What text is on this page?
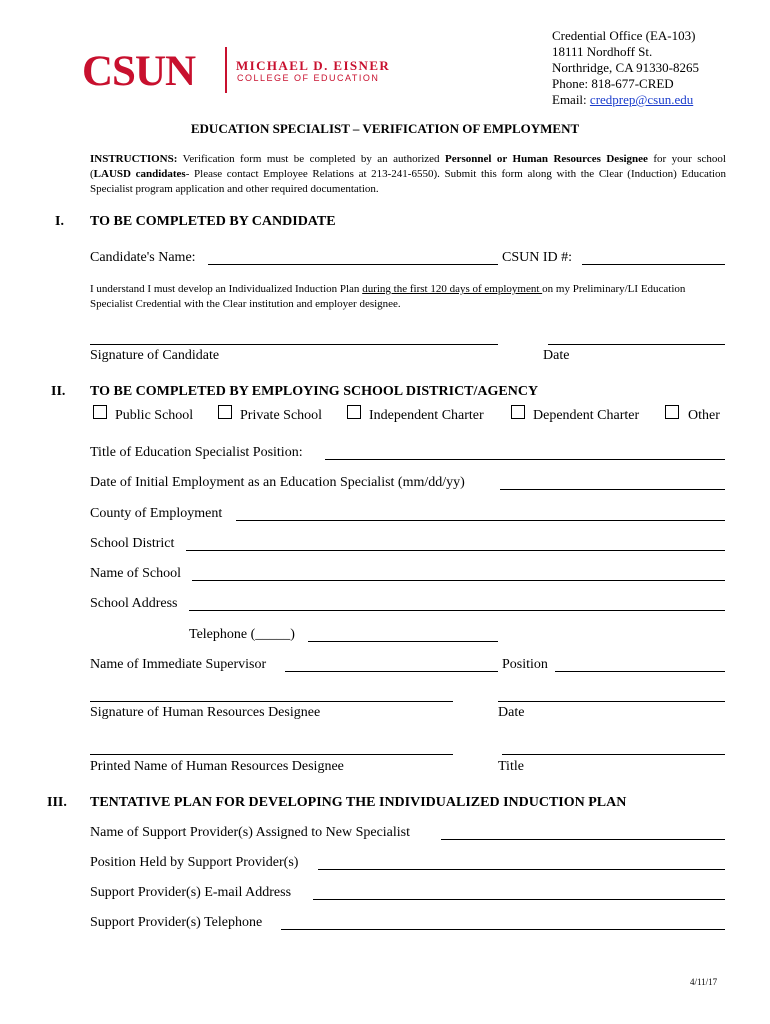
CSUN	MICHAEL D. EISNER
COLLEGE OF EDUCATION
Credential Office (EA-103)
18111 Nordhoff St.
Northridge, CA 91330-8265
Phone: 818-677-CRED
Email: credprep@csun.edu
EDUCATION SPECIALIST – VERIFICATION OF EMPLOYMENT
INSTRUCTIONS: Verification form must be completed by an authorized Personnel or Human Resources Designee for your school (LAUSD candidates- Please contact Employee Relations at 213-241-6550). Submit this form along with the Clear (Induction) Education Specialist program application and other required documentation.
I. TO BE COMPLETED BY CANDIDATE
Candidate's Name:	CSUN ID #:
I understand I must develop an Individualized Induction Plan during the first 120 days of employment on my Preliminary/LI Education Specialist Credential with the Clear institution and employer designee.
Signature of Candidate	Date
II. TO BE COMPLETED BY EMPLOYING SCHOOL DISTRICT/AGENCY
Public School	Private School	Independent Charter	Dependent Charter	Other
Title of Education Specialist Position:
Date of Initial Employment as an Education Specialist (mm/dd/yy)
County of Employment
School District
Name of School
School Address
Telephone (_____)
Name of Immediate Supervisor	Position
Signature of Human Resources Designee	Date
Printed Name of Human Resources Designee	Title
III. TENTATIVE PLAN FOR DEVELOPING THE INDIVIDUALIZED INDUCTION PLAN
Name of Support Provider(s) Assigned to New Specialist
Position Held by Support Provider(s)
Support Provider(s) E-mail Address
Support Provider(s) Telephone
4/11/17
